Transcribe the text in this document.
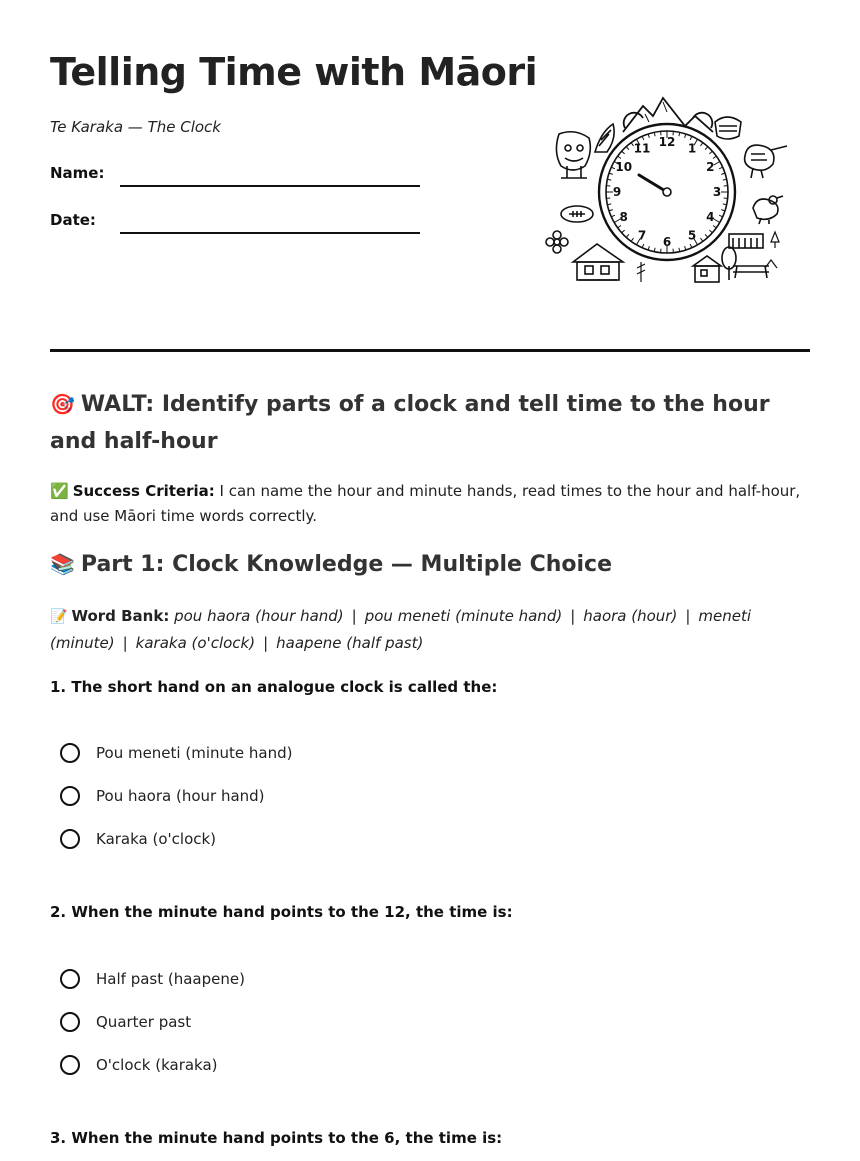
Telling Time with Māori
Te Karaka — The Clock
Name:
Date:
12 1
2
3
4
5
6
7
8
9
10
11
🎯 WALT: Identify parts of a clock and tell time to the hour and half-hour
✅ Success Criteria: I can name the hour and minute hands, read times to the hour and half-hour, and use Māori time words correctly.
📚 Part 1: Clock Knowledge — Multiple Choice
📝 Word Bank: pou haora (hour hand) | pou meneti (minute hand) | haora (hour) | meneti (minute) | karaka (o'clock) | haapene (half past)
1. The short hand on an analogue clock is called the:
Pou meneti (minute hand)
Pou haora (hour hand)
Karaka (o'clock)
2. When the minute hand points to the 12, the time is:
Half past (haapene)
Quarter past
O'clock (karaka)
3. When the minute hand points to the 6, the time is:
